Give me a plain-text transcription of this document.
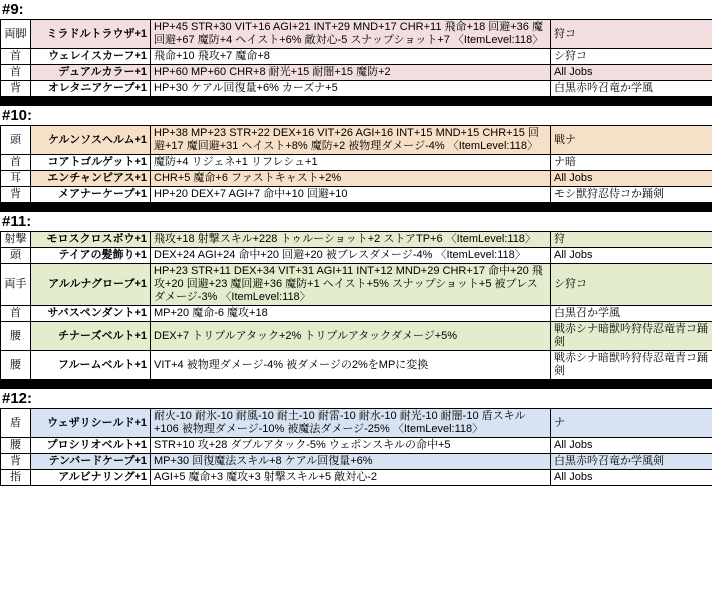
#9:
両脚	ミラドルトラウザ+1	HP+45 STR+30 VIT+16 AGI+21 INT+29 MND+17 CHR+11 飛命+18 回避+36 魔回避+67 魔防+4 ヘイスト+6% 敵対心-5 スナップショット+7 〈ItemLevel:118〉	狩コ
首	ウェレイスカーフ+1	飛命+10 飛攻+7 魔命+8	シ狩コ
首	デュアルカラー+1	HP+60 MP+60 CHR+8 耐光+15 耐闇+15 魔防+2	All Jobs
背	オレタニアケープ+1	HP+30 ケアル回復量+6% カーズナ+5	白黒赤吟召竜か学風
#10:
頭	ケルンソスヘルム+1	HP+38 MP+23 STR+22 DEX+16 VIT+26 AGI+16 INT+15 MND+15 CHR+15 回避+17 魔回避+31 ヘイスト+8% 魔防+2 被物理ダメージ-4% 〈ItemLevel:118〉	戦ナ
首	コアトゴルゲット+1	魔防+4 リジェネ+1 リフレシュ+1	ナ暗
耳	エンチャンピアス+1	CHR+5 魔命+6 ファストキャスト+2%	All Jobs
背	メアナーケープ+1	HP+20 DEX+7 AGI+7 命中+10 回避+10	モシ獣狩忍侍コか踊剣
#11:
射撃	モロスクロスボウ+1	飛攻+18 射撃スキル+228 トゥルーショット+2 ストアTP+6 〈ItemLevel:118〉	狩
頭	テイアの髪飾り+1	DEX+24 AGI+24 命中+20 回避+20 被ブレスダメージ-4% 〈ItemLevel:118〉	All Jobs
両手	アルルナグローブ+1	HP+23 STR+11 DEX+34 VIT+31 AGI+11 INT+12 MND+29 CHR+17 命中+20 飛攻+20 回避+23 魔回避+36 魔防+1 ヘイスト+5% スナップショット+5 被ブレスダメージ-3% 〈ItemLevel:118〉	シ狩コ
首	サバスペンダント+1	MP+20 魔命-6 魔攻+18	白黒召か学風
腰	チナーズベルト+1	DEX+7 トリプルアタック+2% トリプルアタックダメージ+5%	戦赤シナ暗獣吟狩侍忍竜青コ踊剣
腰	フルームベルト+1	VIT+4 被物理ダメージ-4% 被ダメージの2%をMPに変換	戦赤シナ暗獣吟狩侍忍竜青コ踊剣
#12:
盾	ウェザリシールド+1	耐火-10 耐氷-10 耐風-10 耐土-10 耐雷-10 耐水-10 耐光-10 耐闇-10 盾スキル+106 被物理ダメージ-10% 被魔法ダメージ-25% 〈ItemLevel:118〉	ナ
腰	プロシリオベルト+1	STR+10 攻+28 ダブルアタック-5% ウェポンスキルの命中+5	All Jobs
背	テンバードケープ+1	MP+30 回復魔法スキル+8 ケアル回復量+6%	白黒赤吟召竜か学風剣
指	アルビナリング+1	AGI+5 魔命+3 魔攻+3 射撃スキル+5 敵対心-2	All Jobs
